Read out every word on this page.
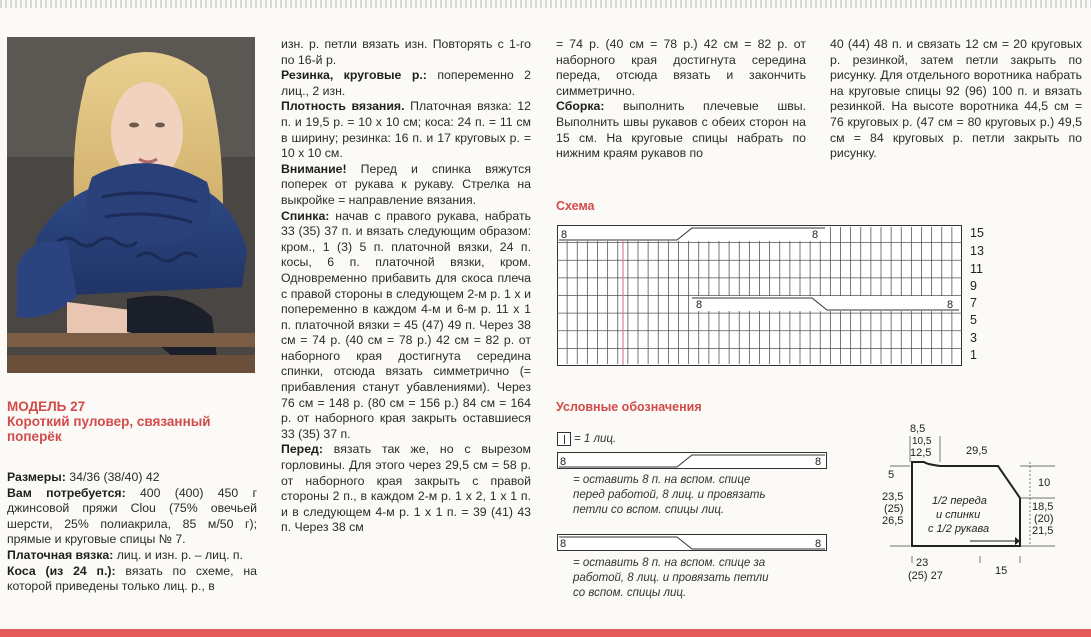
МОДЕЛЬ 27
Короткий пуловер, связанный поперёк

Размеры: 34/36 (38/40) 42

Вам потребуется: 400 (400) 450 г джинсовой пряжи Clou (75% овечьей шерсти, 25% полиакрила, 85 м/50 г); прямые и круговые спицы № 7.

Платочная вязка: лиц. и изн. р. – лиц. п.

Коса (из 24 п.): вязать по схеме, на которой приведены только лиц. р., в

изн. р. петли вязать изн. Повторять с 1-го по 16-й р.

Резинка, круговые р.: попеременно 2 лиц., 2 изн.

Плотность вязания. Платочная вязка: 12 п. и 19,5 р. = 10 х 10 см; коса: 24 п. = 11 см в ширину; резинка: 16 п. и 17 круговых р. = 10 х 10 см.

Внимание! Перед и спинка вяжутся поперек от рукава к рукаву. Стрелка на выкройке = направление вязания.

Спинка: начав с правого рукава, набрать 33 (35) 37 п. и вязать следующим образом: кром., 1 (3) 5 п. платочной вязки, 24 п. косы, 6 п. платочной вязки, кром. Одновременно прибавить для скоса плеча с правой стороны в следующем 2-м р. 1 х и попеременно в каждом 4-м и 6-м р. 11 х 1 п. платочной вязки = 45 (47) 49 п. Через 38 см = 74 р. (40 см = 78 р.) 42 см = 82 р. от наборного края достигнута середина спинки, отсюда вязать симметрично (= прибавления станут убавлениями). Через 76 см = 148 р. (80 см = 156 р.) 84 см = 164 р. от наборного края закрыть оставшиеся 33 (35) 37 п.

Перед: вязать так же, но с вырезом горловины. Для этого через 29,5 см = 58 р. от наборного края закрыть с правой стороны 2 п., в каждом 2-м р. 1 х 2, 1 х 1 п. и в следующем 4-м р. 1 х 1 п. = 39 (41) 43 п. Через 38 см

= 74 р. (40 см = 78 р.) 42 см = 82 р. от наборного края достигнута середина переда, отсюда вязать и закончить симметрично.

Сборка: выполнить плечевые швы. Выполнить швы рукавов с обеих сторон на 15 см. На круговые спицы набрать по нижним краям рукавов по

40 (44) 48 п. и связать 12 см = 20 круговых р. резинкой, затем петли закрыть по рисунку. Для отдельного воротника набрать на круговые спицы 92 (96) 100 п. и вязать резинкой. На высоте воротника 44,5 см = 76 круговых р. (47 см = 80 круговых р.) 49,5 см = 84 круговых р. петли закрыть по рисунку.

Схема
8	8
8	8
15
13
11
9
7
5
3
1
Условные обозначения
= 1 лиц.
8	8
= оставить 8 п. на вспом. спице перед работой, 8 лиц. и провязать петли со вспом. спицы лиц.
8	8
= оставить 8 п. на вспом. спице за работой, 8 лиц. и провязать петли со вспом. спицы лиц.
8,5
10,5
12,5	29,5
5
23,5
(25)
26,5
10
18,5
(20)
21,5
1/2 переда
и спинки
с 1/2 рукава
23
(25) 27	15
